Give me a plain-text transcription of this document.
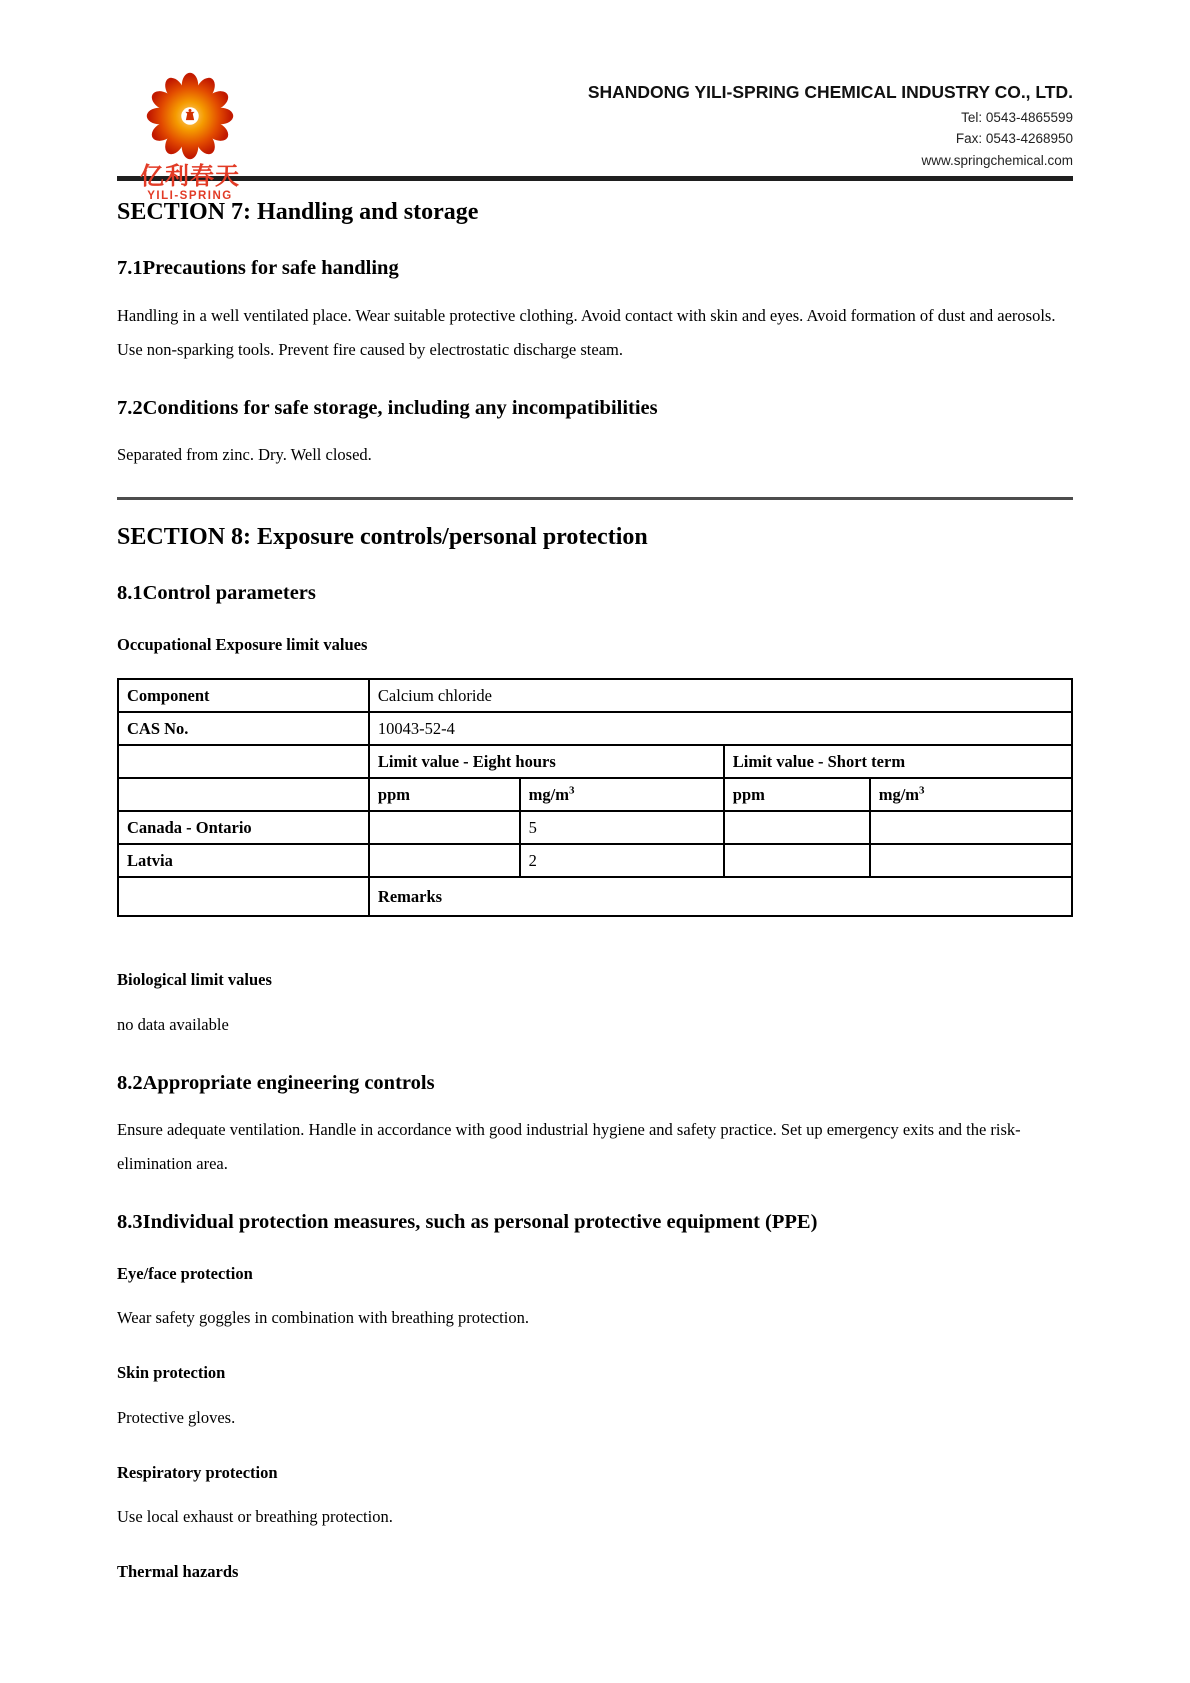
亿利春天
YILI-SPRING
SHANDONG YILI-SPRING CHEMICAL INDUSTRY CO., LTD.
Tel: 0543-4865599
Fax: 0543-4268950
www.springchemical.com
SECTION 7: Handling and storage
7.1Precautions for safe handling

Handling in a well ventilated place. Wear suitable protective clothing. Avoid contact with skin and eyes. Avoid formation of dust and aerosols. Use non-sparking tools. Prevent fire caused by electrostatic discharge steam.

7.2Conditions for safe storage, including any incompatibilities

Separated from zinc. Dry. Well closed.

SECTION 8: Exposure controls/personal protection
8.1Control parameters
Occupational Exposure limit values
Component	Calcium chloride			
CAS No.	10043-52-4			
	Limit value - Eight hours		Limit value - Short term	
	ppm	$mg/m^3$	ppm	$mg/m^3$
Canada - Ontario		5		
Latvia		2		
	Remarks			
Biological limit values

no data available

8.2Appropriate engineering controls

Ensure adequate ventilation. Handle in accordance with good industrial hygiene and safety practice. Set up emergency exits and the risk-elimination area.

8.3Individual protection measures, such as personal protective equipment (PPE)
Eye/face protection

Wear safety goggles in combination with breathing protection.

Skin protection

Protective gloves.

Respiratory protection

Use local exhaust or breathing protection.

Thermal hazards
